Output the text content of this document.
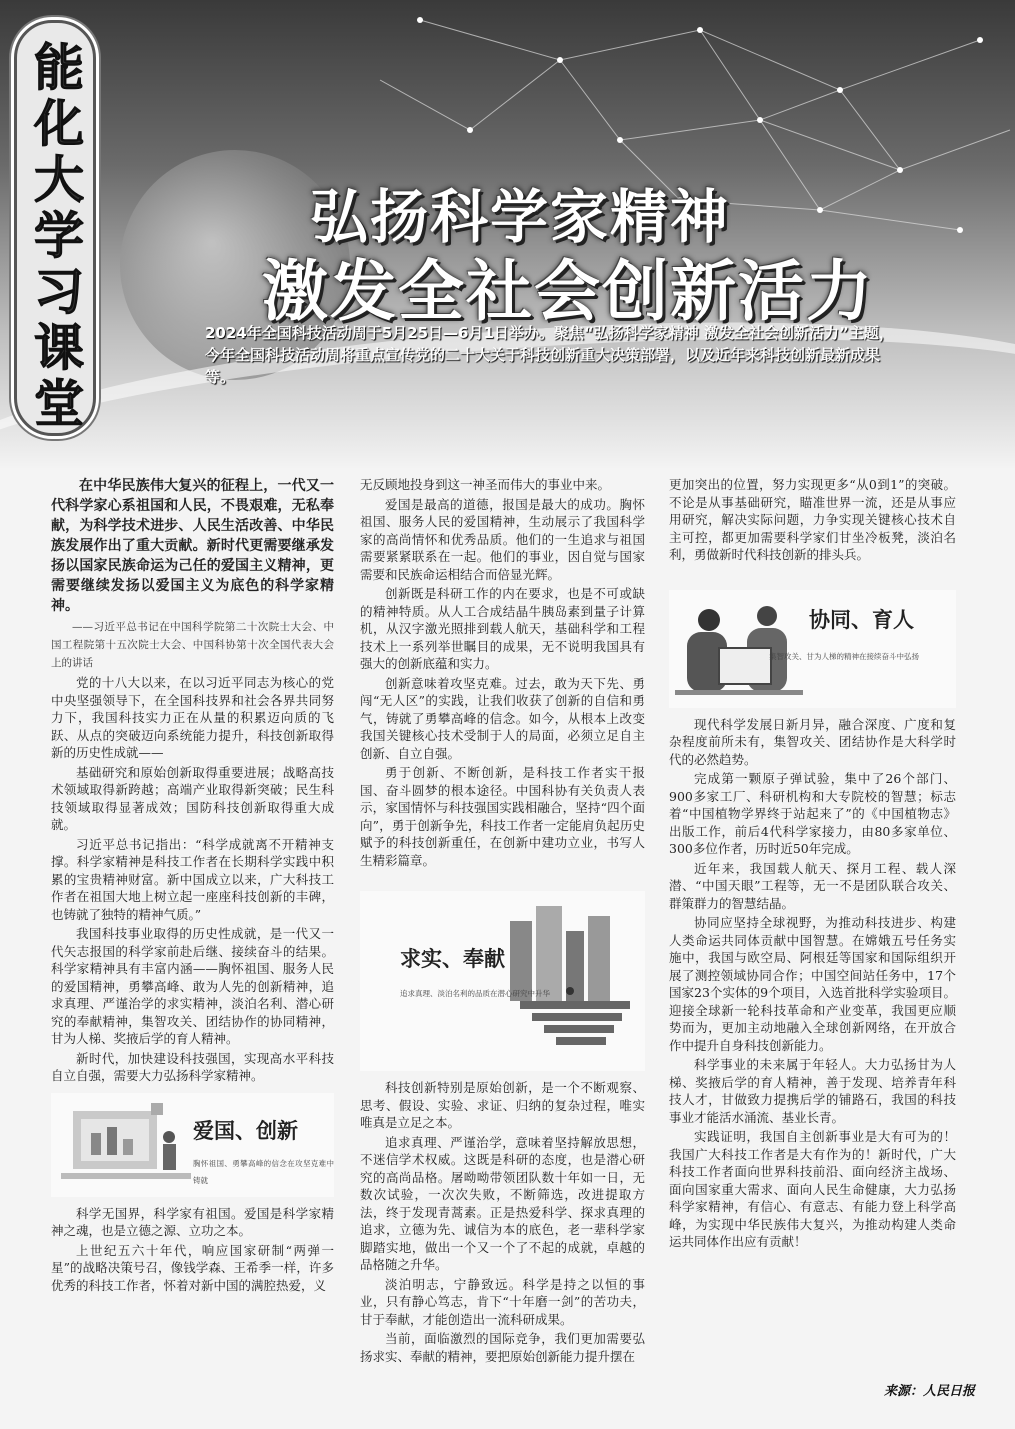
能化大学习课堂	弘扬科学家精神
激发全社会创新活力
2024年全国科技活动周于5月25日—6月1日举办。聚焦“弘扬科学家精神 激发全社会创新活力”主题，今年全国科技活动周将重点宣传党的二十大关于科技创新重大决策部署，以及近年来科技创新最新成果等。

在中华民族伟大复兴的征程上，一代又一代科学家心系祖国和人民，不畏艰难，无私奉献，为科学技术进步、人民生活改善、中华民族发展作出了重大贡献。新时代更需要继承发扬以国家民族命运为己任的爱国主义精神，更需要继续发扬以爱国主义为底色的科学家精神。

——习近平总书记在中国科学院第二十次院士大会、中国工程院第十五次院士大会、中国科协第十次全国代表大会上的讲话

党的十八大以来，在以习近平同志为核心的党中央坚强领导下，在全国科技界和社会各界共同努力下，我国科技实力正在从量的积累迈向质的飞跃、从点的突破迈向系统能力提升，科技创新取得新的历史性成就——

基础研究和原始创新取得重要进展；战略高技术领域取得新跨越；高端产业取得新突破；民生科技领域取得显著成效；国防科技创新取得重大成就。

习近平总书记指出：“科学成就离不开精神支撑。科学家精神是科技工作者在长期科学实践中积累的宝贵精神财富。新中国成立以来，广大科技工作者在祖国大地上树立起一座座科技创新的丰碑，也铸就了独特的精神气质。”

我国科技事业取得的历史性成就，是一代又一代矢志报国的科学家前赴后继、接续奋斗的结果。科学家精神具有丰富内涵——胸怀祖国、服务人民的爱国精神，勇攀高峰、敢为人先的创新精神，追求真理、严谨治学的求实精神，淡泊名利、潜心研究的奉献精神，集智攻关、团结协作的协同精神，甘为人梯、奖掖后学的育人精神。

新时代，加快建设科技强国，实现高水平科技自立自强，需要大力弘扬科学家精神。

爱国、创新
胸怀祖国、勇攀高峰的信念在攻坚克难中铸就

科学无国界，科学家有祖国。爱国是科学家精神之魂，也是立德之源、立功之本。

上世纪五六十年代，响应国家研制“两弹一星”的战略决策号召，像钱学森、王希季一样，许多优秀的科技工作者，怀着对新中国的满腔热爱，义

无反顾地投身到这一神圣而伟大的事业中来。

爱国是最高的道德，报国是最大的成功。胸怀祖国、服务人民的爱国精神，生动展示了我国科学家的高尚情怀和优秀品质。他们的一生追求与祖国需要紧紧联系在一起。他们的事业，因自觉与国家需要和民族命运相结合而倍显光辉。

创新既是科研工作的内在要求，也是不可或缺的精神特质。从人工合成结晶牛胰岛素到量子计算机，从汉字激光照排到载人航天，基础科学和工程技术上一系列举世瞩目的成果，无不说明我国具有强大的创新底蕴和实力。

创新意味着攻坚克难。过去，敢为天下先、勇闯“无人区”的实践，让我们收获了创新的自信和勇气，铸就了勇攀高峰的信念。如今，从根本上改变我国关键核心技术受制于人的局面，必须立足自主创新、自立自强。

勇于创新、不断创新，是科技工作者实干报国、奋斗圆梦的根本途径。中国科协有关负责人表示，家国情怀与科技强国实践相融合，坚持“四个面向”，勇于创新争先，科技工作者一定能肩负起历史赋予的科技创新重任，在创新中建功立业，书写人生精彩篇章。

求实、奉献
追求真理、淡泊名利的品质在潜心研究中升华

科技创新特别是原始创新，是一个不断观察、思考、假设、实验、求证、归纳的复杂过程，唯实唯真是立足之本。

追求真理、严谨治学，意味着坚持解放思想，不迷信学术权威。这既是科研的态度，也是潜心研究的高尚品格。屠呦呦带领团队数十年如一日，无数次试验，一次次失败，不断筛选，改进提取方法，终于发现青蒿素。正是热爱科学、探求真理的追求，立德为先、诚信为本的底色，老一辈科学家脚踏实地，做出一个又一个了不起的成就，卓越的品格随之升华。

淡泊明志，宁静致远。科学是持之以恒的事业，只有静心笃志，肯下“十年磨一剑”的苦功夫，甘于奉献，才能创造出一流科研成果。

当前，面临激烈的国际竞争，我们更加需要弘扬求实、奉献的精神，要把原始创新能力提升摆在

更加突出的位置，努力实现更多“从0到1”的突破。不论是从事基础研究，瞄准世界一流，还是从事应用研究，解决实际问题，力争实现关键核心技术自主可控，都更加需要科学家们甘坐冷板凳，淡泊名利，勇做新时代科技创新的排头兵。

协同、育人
集智攻关、甘为人梯的精神在接续奋斗中弘扬

现代科学发展日新月异，融合深度、广度和复杂程度前所未有，集智攻关、团结协作是大科学时代的必然趋势。

完成第一颗原子弹试验，集中了26个部门、900多家工厂、科研机构和大专院校的智慧；标志着“中国植物学界终于站起来了”的《中国植物志》出版工作，前后4代科学家接力，由80多家单位、300多位作者，历时近50年完成。

近年来，我国载人航天、探月工程、载人深潜、“中国天眼”工程等，无一不是团队联合攻关、群策群力的智慧结晶。

协同应坚持全球视野，为推动科技进步、构建人类命运共同体贡献中国智慧。在嫦娥五号任务实施中，我国与欧空局、阿根廷等国家和国际组织开展了测控领域协同合作；中国空间站任务中，17个国家23个实体的9个项目，入选首批科学实验项目。迎接全球新一轮科技革命和产业变革，我国更应顺势而为，更加主动地融入全球创新网络，在开放合作中提升自身科技创新能力。

科学事业的未来属于年轻人。大力弘扬甘为人梯、奖掖后学的育人精神，善于发现、培养青年科技人才，甘做致力提携后学的铺路石，我国的科技事业才能活水涌流、基业长青。

实践证明，我国自主创新事业是大有可为的！我国广大科技工作者是大有作为的！新时代，广大科技工作者面向世界科技前沿、面向经济主战场、面向国家重大需求、面向人民生命健康，大力弘扬科学家精神，有信心、有意志、有能力登上科学高峰，为实现中华民族伟大复兴，为推动构建人类命运共同体作出应有贡献！

来源：人民日报
